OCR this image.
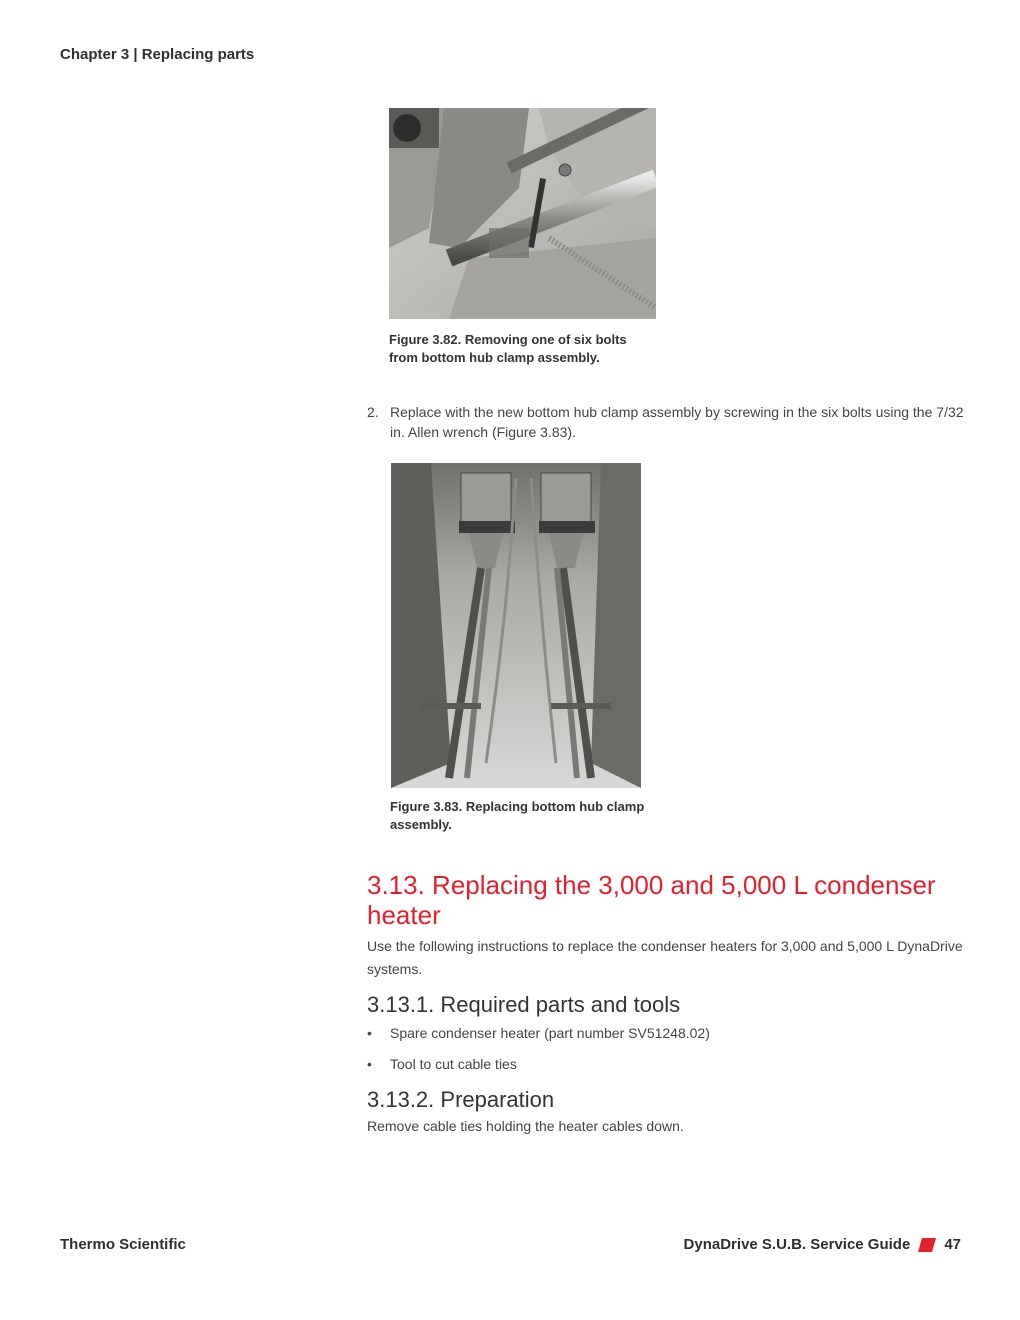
Chapter 3 | Replacing parts
Figure 3.82. Removing one of six bolts from bottom hub clamp assembly.
2. Replace with the new bottom hub clamp assembly by screwing in the six bolts using the 7/32 in. Allen wrench (Figure 3.83).
Figure 3.83. Replacing bottom hub clamp assembly.
3.13. Replacing the 3,000 and 5,000 L condenser heater
Use the following instructions to replace the condenser heaters for 3,000 and 5,000 L DynaDrive systems.
3.13.1. Required parts and tools
• Spare condenser heater (part number SV51248.02)
• Tool to cut cable ties
3.13.2. Preparation
Remove cable ties holding the heater cables down.
Thermo Scientific	DynaDrive S.U.B. Service Guide 47
